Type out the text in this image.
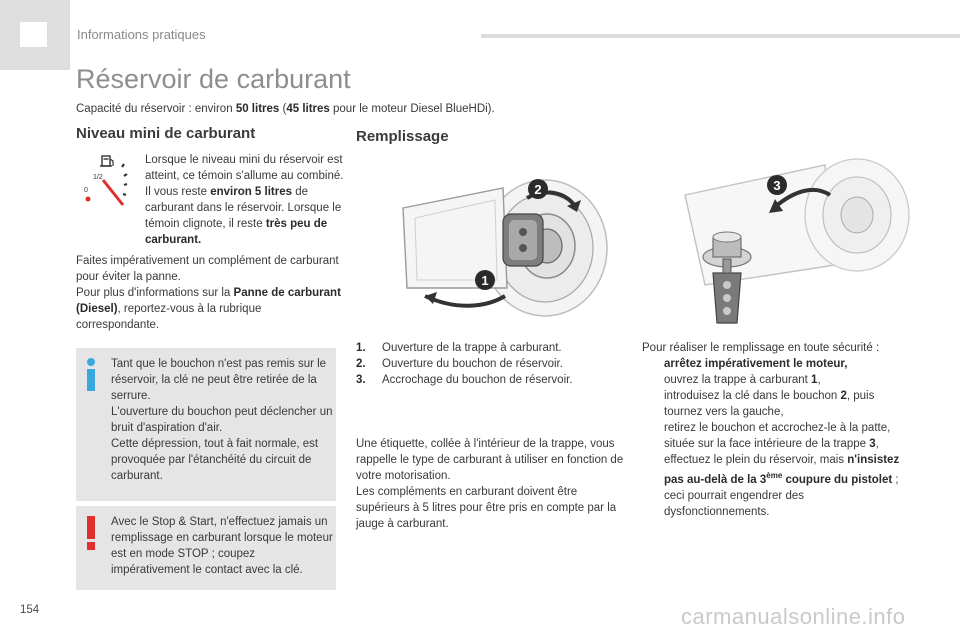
Informations pratiques
Réservoir de carburant
Capacité du réservoir : environ 50 litres (45 litres pour le moteur Diesel BlueHDi).
Niveau mini de carburant
1/2
0
Lorsque le niveau mini du réservoir est atteint, ce témoin s'allume au combiné. Il vous reste environ 5 litres de carburant dans le réservoir. Lorsque le témoin clignote, il reste très peu de carburant.
Faites impérativement un complément de carburant pour éviter la panne.
Pour plus d'informations sur la Panne de carburant (Diesel), reportez-vous à la rubrique correspondante.
Tant que le bouchon n'est pas remis sur le réservoir, la clé ne peut être retirée de la serrure.
L'ouverture du bouchon peut déclencher un bruit d'aspiration d'air.
Cette dépression, tout à fait normale, est provoquée par l'étanchéité du circuit de carburant.
Avec le Stop & Start, n'effectuez jamais un remplissage en carburant lorsque le moteur est en mode STOP ; coupez impérativement le contact avec la clé.
Remplissage
2
1
3
1. Ouverture de la trappe à carburant.
2. Ouverture du bouchon de réservoir.
3. Accrochage du bouchon de réservoir.
Une étiquette, collée à l'intérieur de la trappe, vous rappelle le type de carburant à utiliser en fonction de votre motorisation.
Les compléments en carburant doivent être supérieurs à 5 litres pour être pris en compte par la jauge à carburant.
Pour réaliser le remplissage en toute sécurité :
arrêtez impérativement le moteur,
ouvrez la trappe à carburant 1,
introduisez la clé dans le bouchon 2, puis tournez vers la gauche,
retirez le bouchon et accrochez-le à la patte, située sur la face intérieure de la trappe 3,
effectuez le plein du réservoir, mais n'insistez pas au-delà de la 3ème coupure du pistolet ; ceci pourrait engendrer des dysfonctionnements.
154	carmanualsonline.info
